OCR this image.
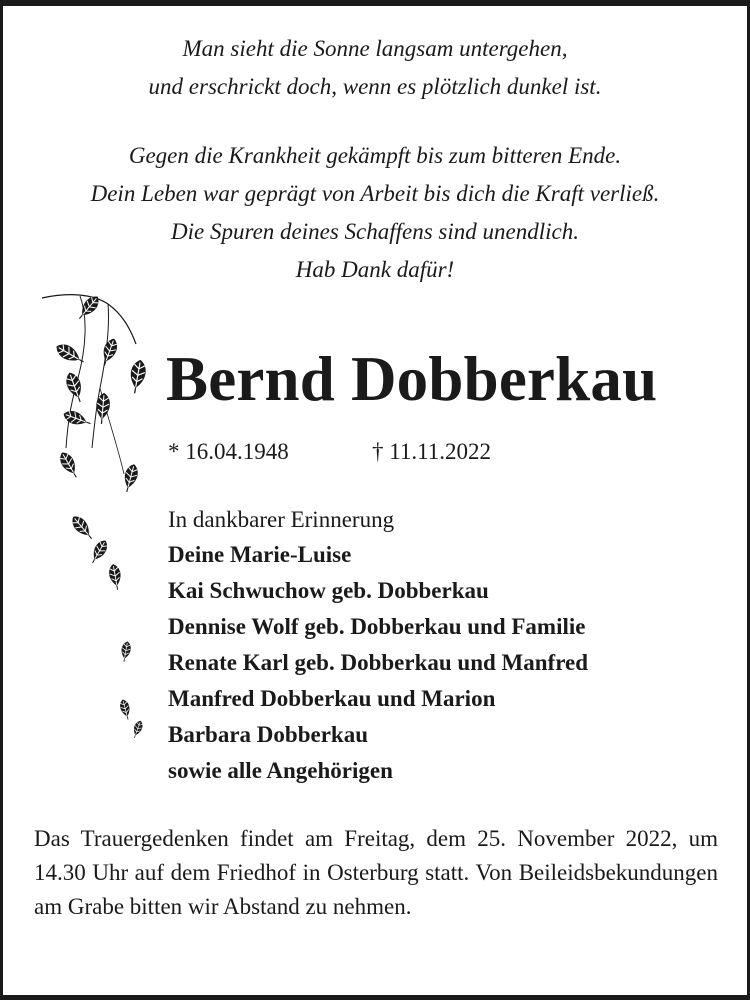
Man sieht die Sonne langsam untergehen,

und erschrickt doch, wenn es plötzlich dunkel ist.

Gegen die Krankheit gekämpft bis zum bitteren Ende.

Dein Leben war geprägt von Arbeit bis dich die Kraft verließ.

Die Spuren deines Schaffens sind unendlich.

Hab Dank dafür!

Bernd Dobberkau
* 16.04.1948	† 11.11.2022
In dankbarer Erinnerung
Deine Marie-Luise
Kai Schwuchow geb. Dobberkau
Dennise Wolf geb. Dobberkau und Familie
Renate Karl geb. Dobberkau und Manfred
Manfred Dobberkau und Marion
Barbara Dobberkau
sowie alle Angehörigen
Das Trauergedenken findet am Freitag, dem 25. November 2022, um 14.30 Uhr auf dem Friedhof in Osterburg statt. Von Beileidsbekundungen am Grabe bitten wir Abstand zu nehmen.
